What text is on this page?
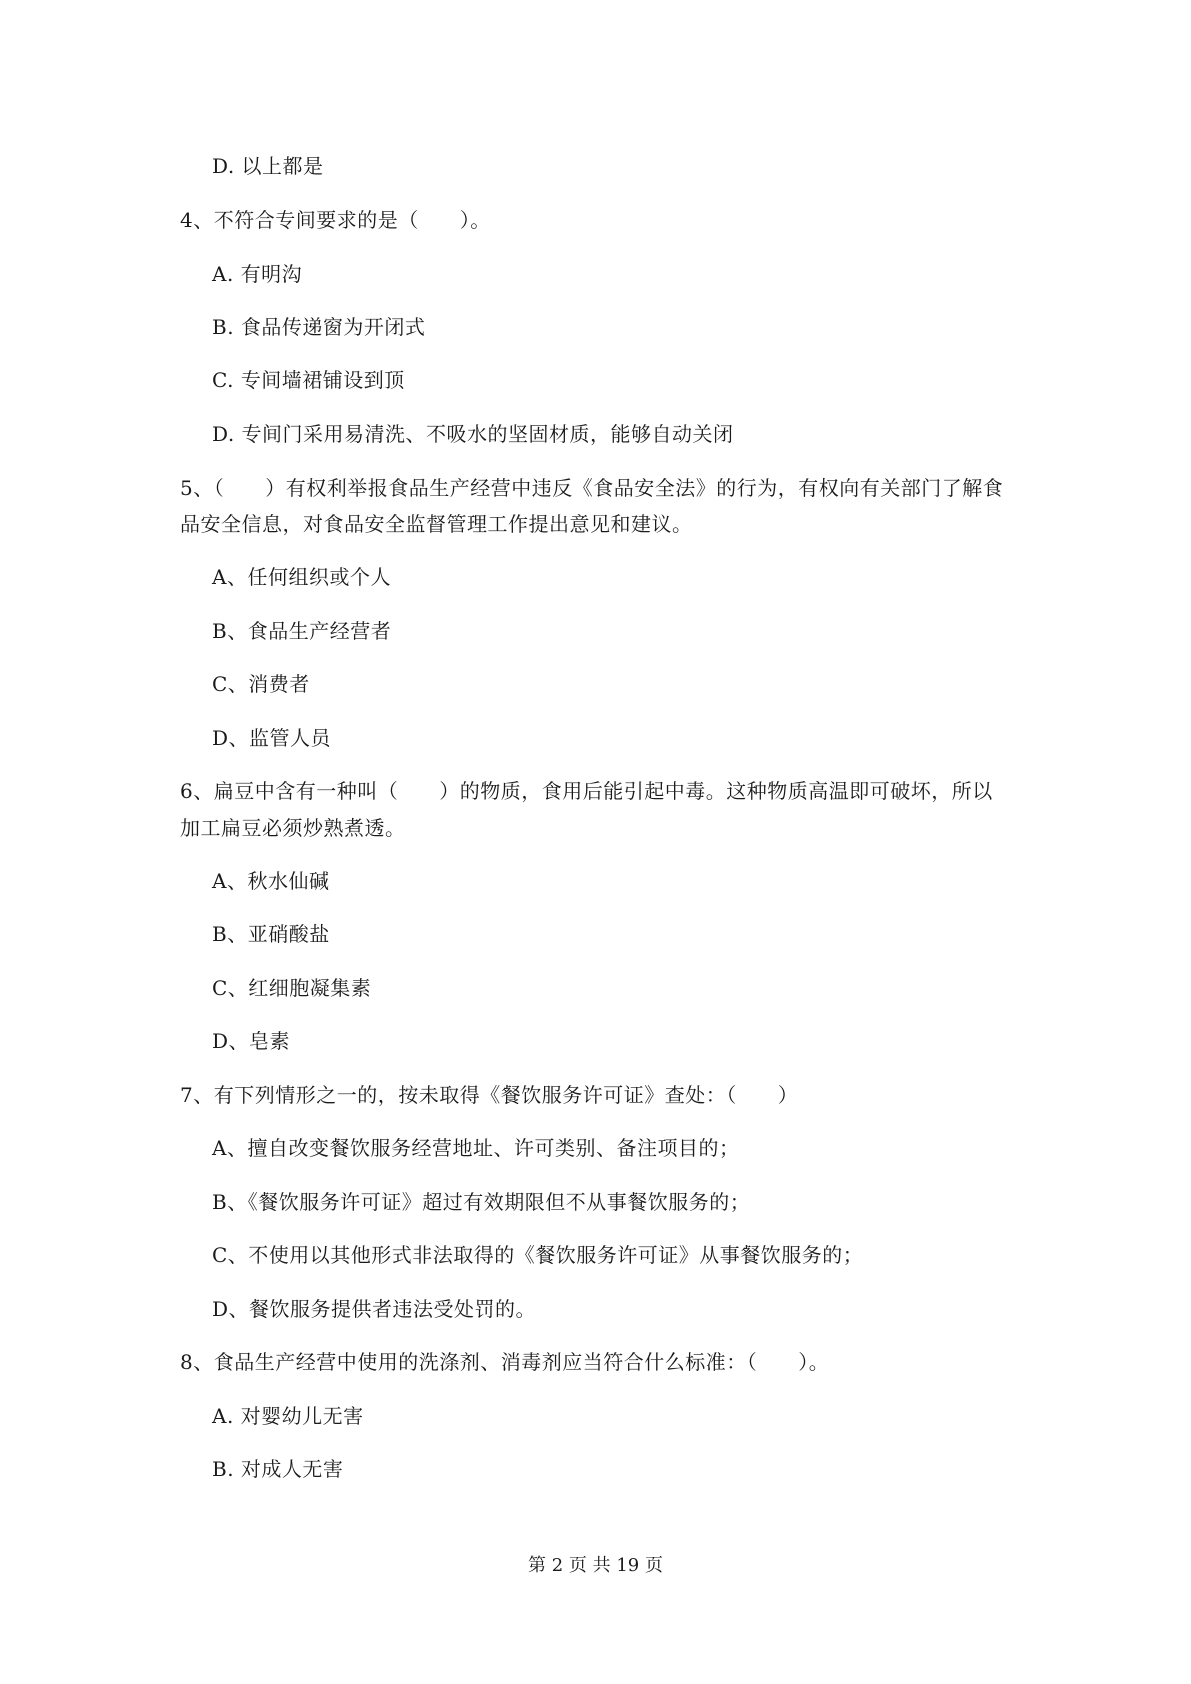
D. 以上都是
4、不符合专间要求的是（　　）。
A. 有明沟
B. 食品传递窗为开闭式
C. 专间墙裙铺设到顶
D. 专间门采用易清洗、不吸水的坚固材质，能够自动关闭
5、（　　）有权利举报食品生产经营中违反《食品安全法》的行为，有权向有关部门了解食
品安全信息，对食品安全监督管理工作提出意见和建议。
A、任何组织或个人
B、食品生产经营者
C、消费者
D、监管人员
6、扁豆中含有一种叫（　　）的物质，食用后能引起中毒。这种物质高温即可破坏，所以
加工扁豆必须炒熟煮透。
A、秋水仙碱
B、亚硝酸盐
C、红细胞凝集素
D、皂素
7、有下列情形之一的，按未取得《餐饮服务许可证》查处：（　　）
A、擅自改变餐饮服务经营地址、许可类别、备注项目的；
B、《餐饮服务许可证》超过有效期限但不从事餐饮服务的；
C、不使用以其他形式非法取得的《餐饮服务许可证》从事餐饮服务的；
D、餐饮服务提供者违法受处罚的。
8、食品生产经营中使用的洗涤剂、消毒剂应当符合什么标准：（　　）。
A. 对婴幼儿无害
B. 对成人无害
第 2 页 共 19 页
